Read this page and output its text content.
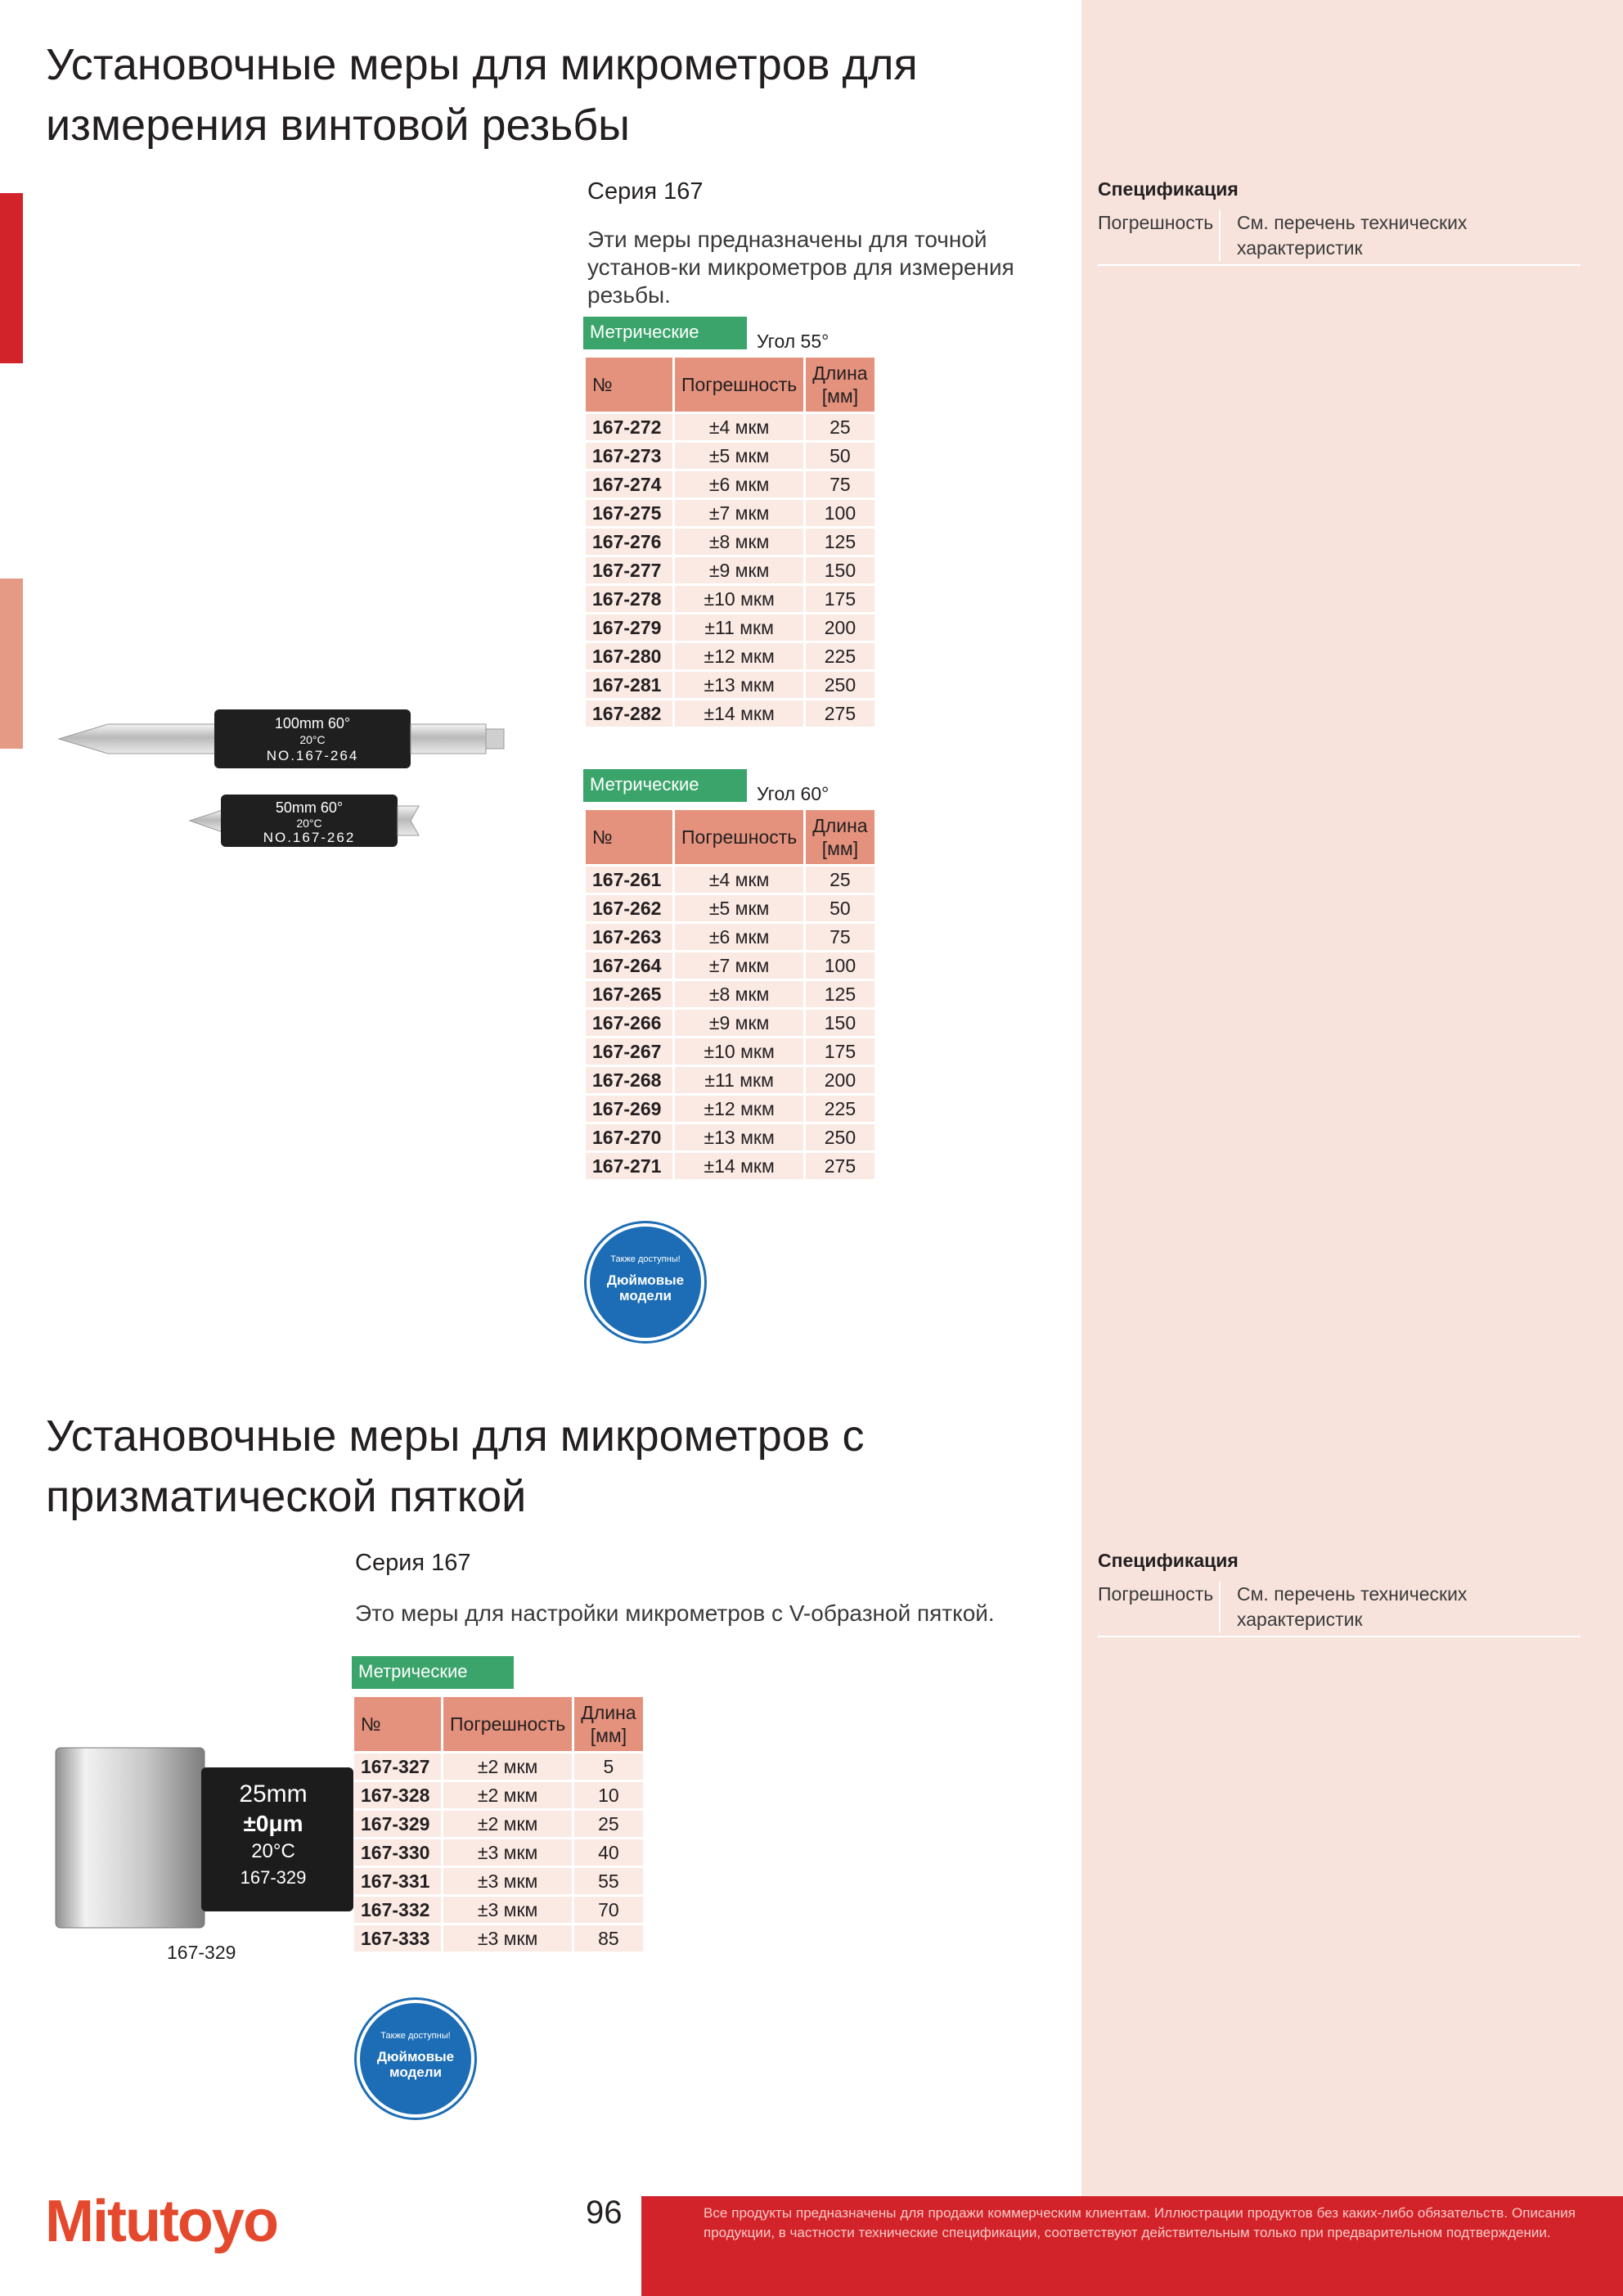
Установочные меры для микрометров для измерения винтовой резьбы
Серия 167
Эти меры предназначены для точной установ-ки микрометров для измерения резьбы.
Спецификация
Погрешность	См. перечень технических характеристик
100mm 60°
20°C
NO.167-264
50mm 60°
20°C
NO.167-262
Метрические	Угол 55°
№	Погрешность	Длина [мм]
167-272	±4 мкм	25
167-273	±5 мкм	50
167-274	±6 мкм	75
167-275	±7 мкм	100
167-276	±8 мкм	125
167-277	±9 мкм	150
167-278	±10 мкм	175
167-279	±11 мкм	200
167-280	±12 мкм	225
167-281	±13 мкм	250
167-282	±14 мкм	275
Метрические	Угол 60°
№	Погрешность	Длина [мм]
167-261	±4 мкм	25
167-262	±5 мкм	50
167-263	±6 мкм	75
167-264	±7 мкм	100
167-265	±8 мкм	125
167-266	±9 мкм	150
167-267	±10 мкм	175
167-268	±11 мкм	200
167-269	±12 мкм	225
167-270	±13 мкм	250
167-271	±14 мкм	275
Также доступны!
Дюймовые модели
Установочные меры для микрометров с призматической пяткой
Серия 167
Это меры для настройки микрометров с V-образной пяткой.
Спецификация
Погрешность	См. перечень технических характеристик
25mm
±0μm
20°C
167-329
167-329
Метрические
№	Погрешность	Длина [мм]
167-327	±2 мкм	5
167-328	±2 мкм	10
167-329	±2 мкм	25
167-330	±3 мкм	40
167-331	±3 мкм	55
167-332	±3 мкм	70
167-333	±3 мкм	85
Также доступны!
Дюймовые модели
Mitutoyo	96	Все продукты предназначены для продажи коммерческим клиентам. Иллюстрации продуктов без каких-либо обязательств. Описания продукции, в частности технические спецификации, соответствуют действительным только при предварительном подтверждении.
